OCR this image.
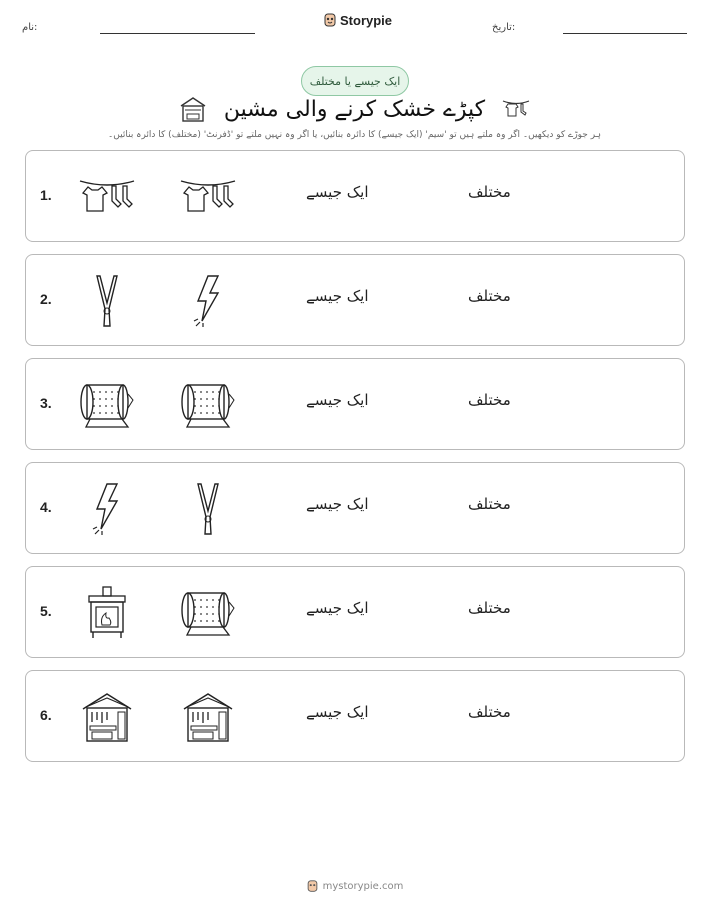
نام:	Storypie	تاریخ:
ایک جیسے یا مختلف
کپڑے خشک کرنے والی مشین
ہر جوڑے کو دیکھیں۔ اگر وہ ملتے ہیں تو 'سیم' (ایک جیسے) کا دائرہ بنائیں، یا اگر وہ نہیں ملتے تو 'ڈفرنٹ' (مختلف) کا دائرہ بنائیں۔
1.	ایک جیسے	مختلف
2.	ایک جیسے	مختلف
3.	ایک جیسے	مختلف
4.	ایک جیسے	مختلف
5.	ایک جیسے	مختلف
6.	ایک جیسے	مختلف
mystorypie.com
